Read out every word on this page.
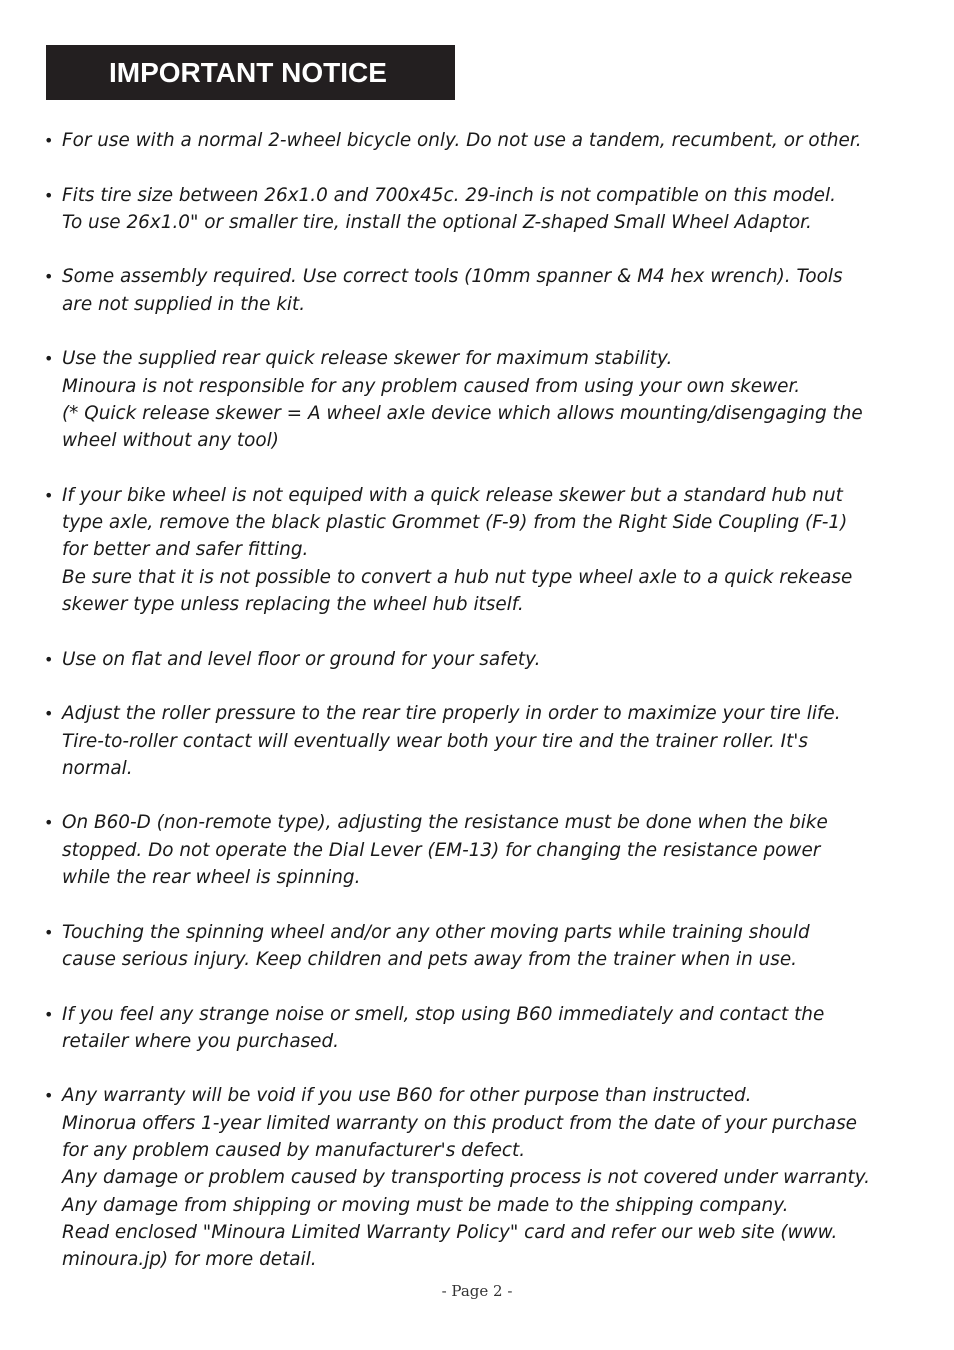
IMPORTANT NOTICE
• For use with a normal 2-wheel bicycle only. Do not use a tandem, recumbent, or other.
• Fits tire size between 26x1.0 and 700x45c. 29-inch is not compatible on this model.
To use 26x1.0" or smaller tire, install the optional Z-shaped Small Wheel Adaptor.
• Some assembly required. Use correct tools (10mm spanner & M4 hex wrench). Tools
are not supplied in the kit.
• Use the supplied rear quick release skewer for maximum stability.
Minoura is not responsible for any problem caused from using your own skewer.
(* Quick release skewer = A wheel axle device which allows mounting/disengaging the
wheel without any tool)
• If your bike wheel is not equiped with a quick release skewer but a standard hub nut
type axle, remove the black plastic Grommet (F-9) from the Right Side Coupling (F-1)
for better and safer fitting.
Be sure that it is not possible to convert a hub nut type wheel axle to a quick rekease
skewer type unless replacing the wheel hub itself.
• Use on flat and level floor or ground for your safety.
• Adjust the roller pressure to the rear tire properly in order to maximize your tire life.
Tire-to-roller contact will eventually wear both your tire and the trainer roller. It's
normal.
• On B60-D (non-remote type), adjusting the resistance must be done when the bike
stopped. Do not operate the Dial Lever (EM-13) for changing the resistance power
while the rear wheel is spinning.
• Touching the spinning wheel and/or any other moving parts while training should
cause serious injury. Keep children and pets away from the trainer when in use.
• If you feel any strange noise or smell, stop using B60 immediately and contact the
retailer where you purchased.
• Any warranty will be void if you use B60 for other purpose than instructed.
Minorua offers 1-year limited warranty on this product from the date of your purchase
for any problem caused by manufacturer's defect.
Any damage or problem caused by transporting process is not covered under warranty.
Any damage from shipping or moving must be made to the shipping company.
Read enclosed "Minoura Limited Warranty Policy" card and refer our web site (www.
minoura.jp) for more detail.
- Page 2 -
